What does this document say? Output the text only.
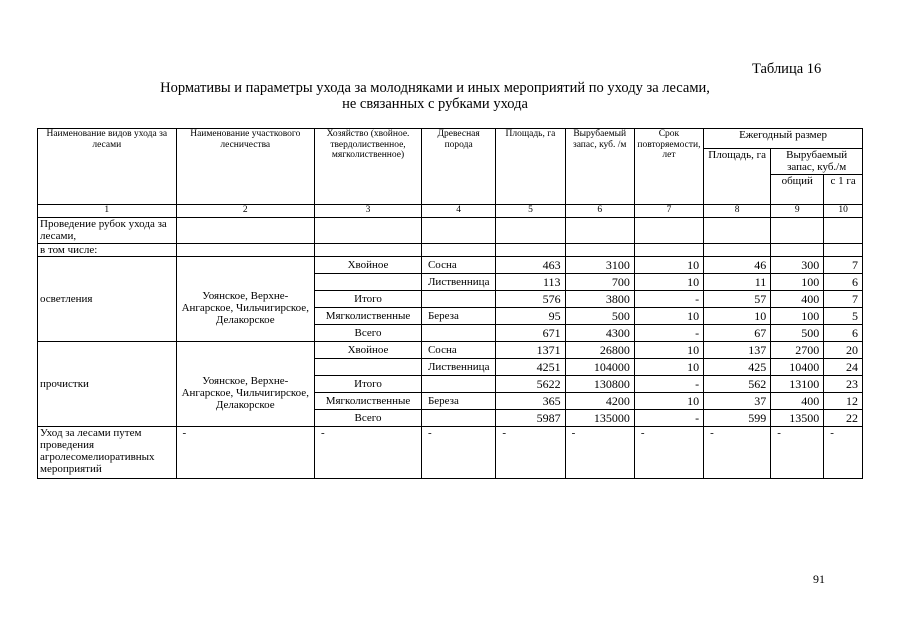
Таблица 16
Нормативы и параметры ухода за молодняками и иных мероприятий по уходу за лесами,
не связанных с рубками ухода
Наименование видов ухода за лесами	Наименование участкового лесничества	Хозяйство (хвойное. твердолиственное, мягколиственное)	Древесная порода	Площадь, га	Вырубаемый запас, куб. /м	Срок повторяемости, лет	Ежегодный размер		
							Площадь, га	Вырубаемый запас, куб./м	
								общий	с 1 га

1	2	3	4	5	6	7	8	9	10
Проведение рубок ухода за лесами,									
в том числе:									
осветления	Уоянское, Верхне-Ангарское, Чильчигирское, Делакорское	Хвойное	Сосна	463	3100	10	46	300	7
			Лиственница	113	700	10	11	100	6
		Итого		576	3800	-	57	400	7
		Мягколиственные	Береза	95	500	10	10	100	5
		Всего		671	4300	-	67	500	6
прочистки	Уоянское, Верхне-Ангарское, Чильчигирское, Делакорское	Хвойное	Сосна	1371	26800	10	137	2700	20
			Лиственница	4251	104000	10	425	10400	24
		Итого		5622	130800	-	562	13100	23
		Мягколиственные	Береза	365	4200	10	37	400	12
		Всего		5987	135000	-	599	13500	22
Уход за лесами путем проведения агролесомелиоративных мероприятий	-	-	-	-	-	-	-	-	-
91
